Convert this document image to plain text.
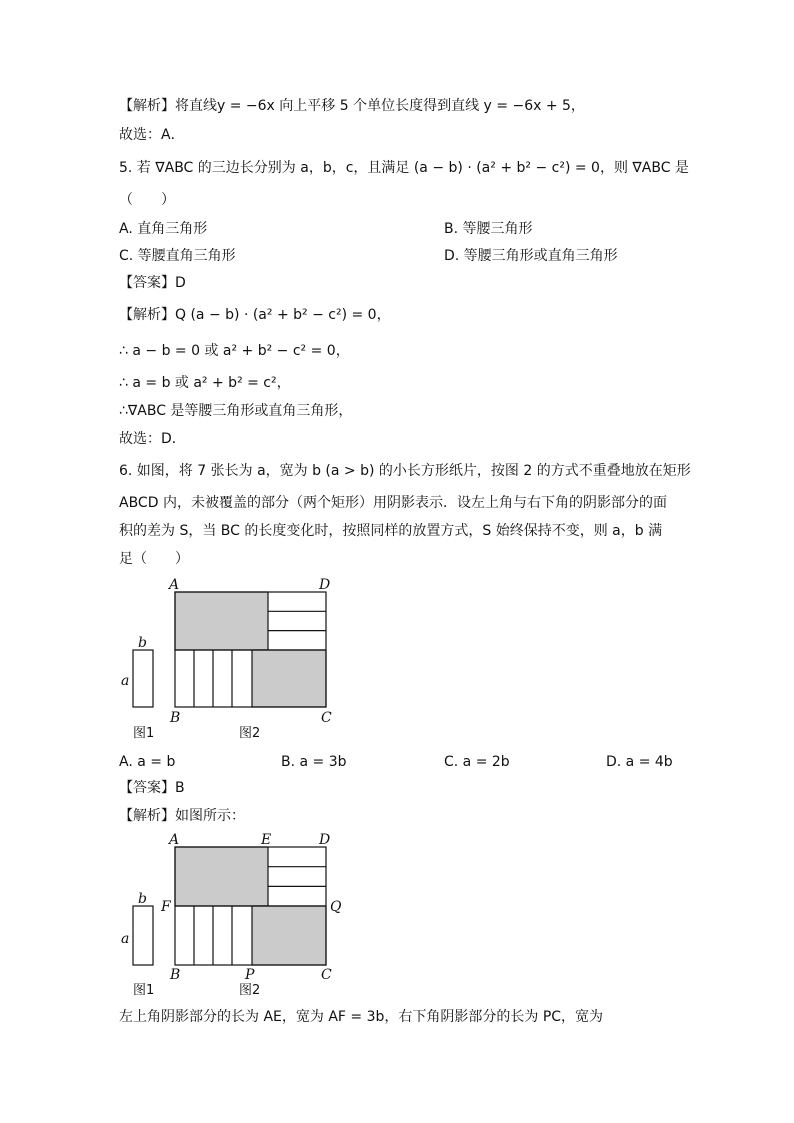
【解析】将直线y = −6x 向上平移 5 个单位长度得到直线 y = −6x + 5，
故选：A．
5. 若 ∇ABC 的三边长分别为 a，b，c，且满足 (a − b) · (a² + b² − c²) = 0，则 ∇ABC 是
（　　）
A. 直角三角形	B. 等腰三角形
C. 等腰直角三角形	D. 等腰三角形或直角三角形
【答案】D
【解析】Q (a − b) · (a² + b² − c²) = 0，
∴ a − b = 0 或 a² + b² − c² = 0，
∴ a = b 或 a² + b² = c²，
∴∇ABC 是等腰三角形或直角三角形，
故选：D．
6. 如图，将 7 张长为 a，宽为 b (a > b) 的小长方形纸片，按图 2 的方式不重叠地放在矩形
ABCD 内，未被覆盖的部分（两个矩形）用阴影表示．设左上角与右下角的阴影部分的面
积的差为 S，当 BC 的长度变化时，按照同样的放置方式，S 始终保持不变，则 a，b 满
足（　　）
b
a
A	D
B	C
图1	图2
A. a = b	B. a = 3b	C. a = 2b	D. a = 4b
【答案】B
【解析】如图所示：
b
a
A	E	D
F	Q
B	P	C
图1	图2
左上角阴影部分的长为 AE，宽为 AF = 3b，右下角阴影部分的长为 PC，宽为
